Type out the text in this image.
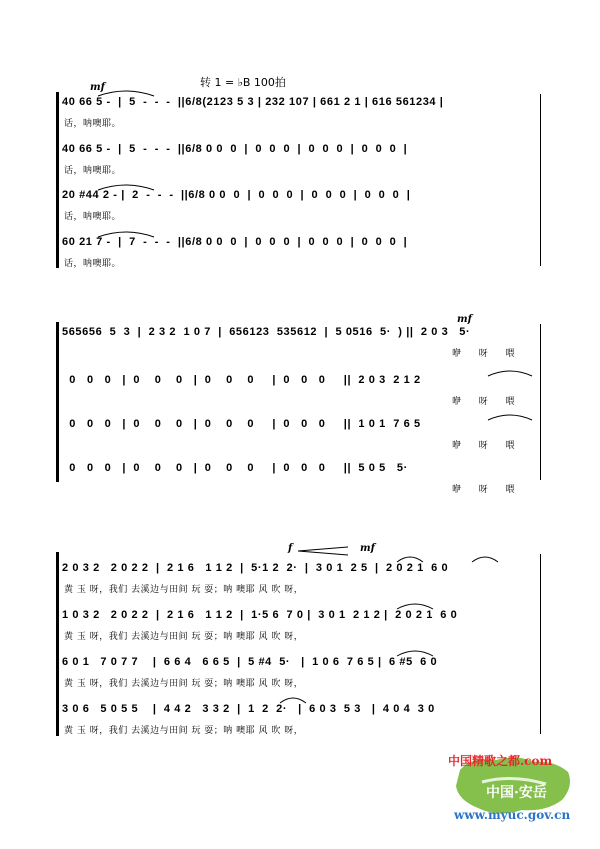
mf	转 1 = ♭B 100拍
mf
f	mf
40 66 5 -  |  5  -  -  -  ||6/8(2123 5 3 | 232 107 | 661 2 1 | 616 561234 |
话，呐噢耶。
40 66 5 -  |  5  -  -  -  ||6/8 0 0  0  |  0  0  0  |  0  0  0  |  0  0  0  |
话，呐噢耶。
20 #44 2 - |  2  -  -  -  ||6/8 0 0  0  |  0  0  0  |  0  0  0  |  0  0  0  |
话，呐噢耶。
60 21 7 -  |  7  -  -  -  ||6/8 0 0  0  |  0  0  0  |  0  0  0  |  0  0  0  |
话，呐噢耶。
565656  5  3  |  2 3 2  1 0 7  |  656123  535612  |  5 0516  5·  ) ||  2 0 3   5·
咿  呀  喂
0   0   0   |  0    0    0   |  0    0    0     |  0   0   0     ||  2 0 3  2 1 2
咿  呀  喂
0   0   0   |  0    0    0   |  0    0    0     |  0   0   0     ||  1 0 1  7 6 5
咿  呀  喂
0   0   0   |  0    0    0   |  0    0    0     |  0   0   0     ||  5 0 5   5·
咿  呀  喂
2 0 3 2   2 0 2 2  |  2 1 6   1 1 2  |  5·1 2  2·  |  3 0 1  2 5  |  2 0 2 1  6 0
黄 玉 呀，我们 去溪边与田间 玩 耍；呐 噢耶 风 吹 呀，
1 0 3 2   2 0 2 2  |  2 1 6   1 1 2  |  1·5 6  7 0 |  3 0 1  2 1 2 |  2 0 2 1  6 0
黄 玉 呀，我们 去溪边与田间 玩 耍；呐 噢耶 风 吹 呀，
6 0 1   7 0 7 7    |  6 6 4   6 6 5  |  5 #4  5·   |  1 0 6  7 6 5 |  6 #5  6 0
黄 玉 呀，我们 去溪边与田间 玩 耍；呐 噢耶 风 吹 呀，
3 0 6   5 0 5 5    |  4 4 2   3 3 2  |  1  2  2·   |  6 0 3  5 3   |  4 0 4  3 0
黄 玉 呀，我们 去溪边与田间 玩 耍；呐 噢耶 风 吹 呀，
中国精歌之都.com
中国·安岳
www.myuc.gov.cn
